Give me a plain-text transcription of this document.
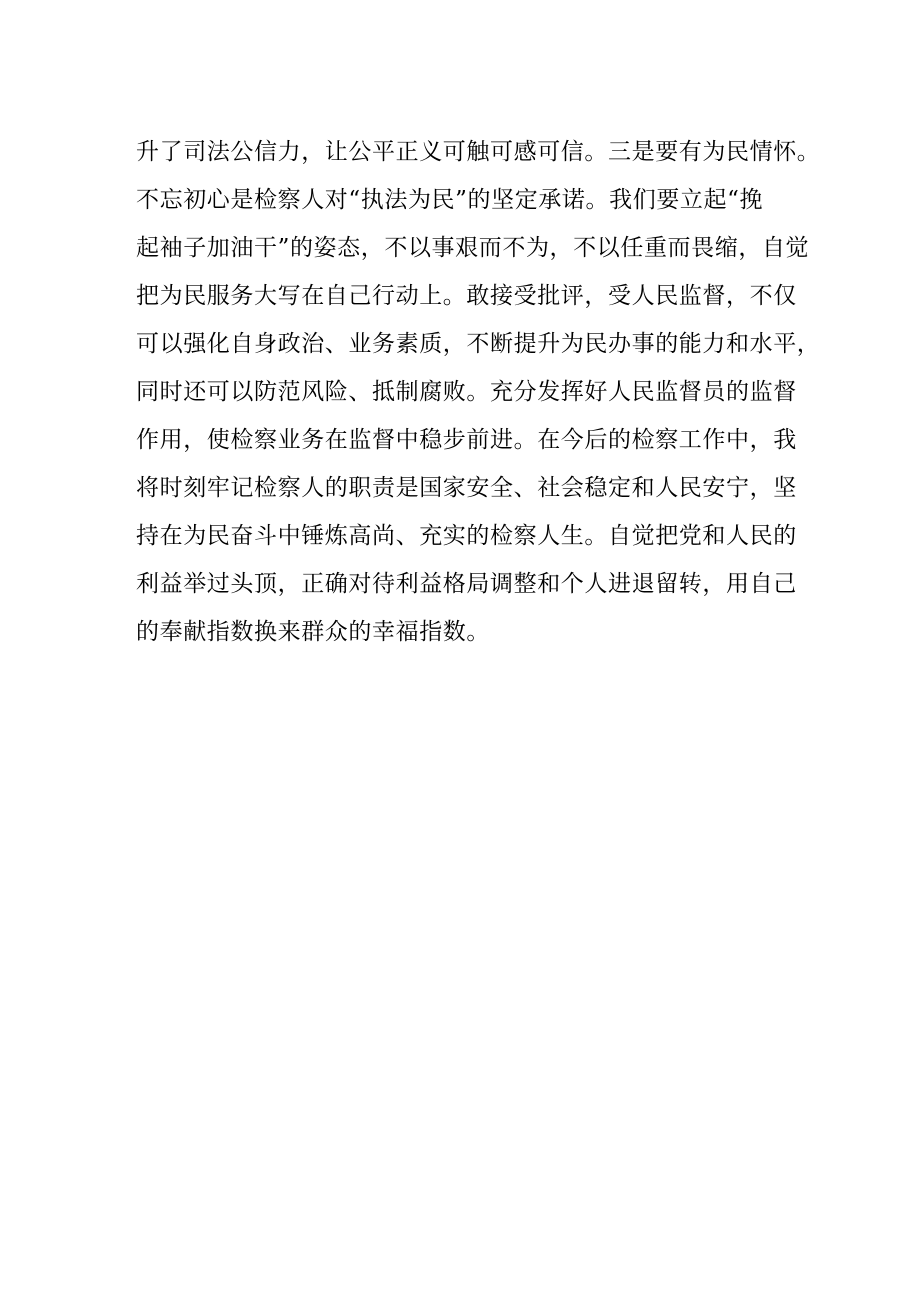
升了司法公信力，让公平正义可触可感可信。三是要有为民情怀。
不忘初心是检察人对“执法为民”的坚定承诺。我们要立起“挽
起袖子加油干”的姿态，不以事艰而不为，不以任重而畏缩，自觉
把为民服务大写在自己行动上。敢接受批评，受人民监督，不仅
可以强化自身政治、业务素质，不断提升为民办事的能力和水平，
同时还可以防范风险、抵制腐败。充分发挥好人民监督员的监督
作用，使检察业务在监督中稳步前进。在今后的检察工作中，我
将时刻牢记检察人的职责是国家安全、社会稳定和人民安宁，坚
持在为民奋斗中锤炼高尚、充实的检察人生。自觉把党和人民的
利益举过头顶，正确对待利益格局调整和个人进退留转，用自己
的奉献指数换来群众的幸福指数。
